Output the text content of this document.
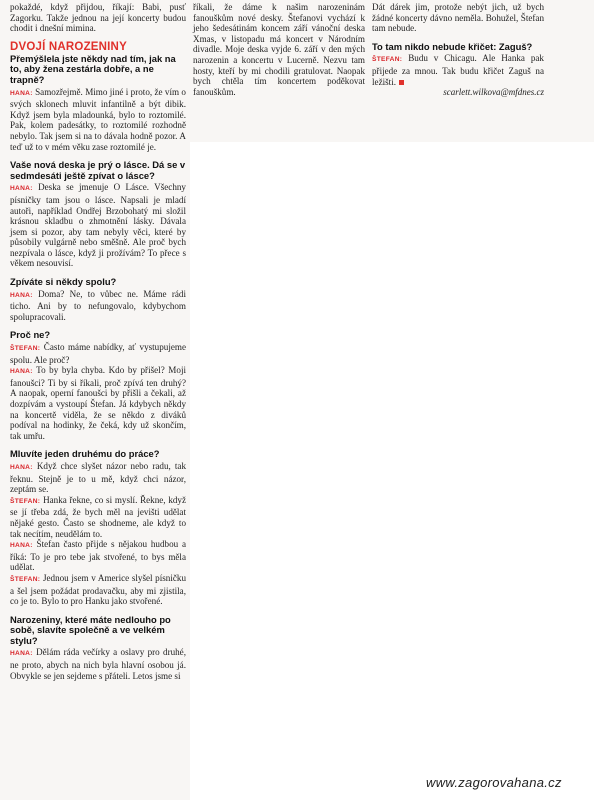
pokaždé, když přijdou, říkají: Babi, pusť Zagorku. Takže jednou na její koncerty budou chodit i dnešní mimina.

DVOJÍ NAROZENINY

Přemýšlela jste někdy nad tím, jak na to, aby žena zestárla dobře, a ne trapně?

HANA: Samozřejmě. Mimo jiné i proto, že vím o svých sklonech mluvit infantilně a být dibik. Když jsem byla mladounká, bylo to roztomilé. Pak, kolem padesátky, to roztomilé rozhodně nebylo. Tak jsem si na to dávala hodně pozor. A teď už to v mém věku zase roztomilé je.

Vaše nová deska je prý o lásce. Dá se v sedmdesáti ještě zpívat o lásce?

HANA: Deska se jmenuje O Lásce. Všechny písničky tam jsou o lásce. Napsali je mladí autoři, například Ondřej Brzobohatý mi složil krásnou skladbu o zhmotnění lásky. Dávala jsem si pozor, aby tam nebyly věci, které by působily vulgárně nebo směšně. Ale proč bych nezpívala o lásce, když ji prožívám? To přece s věkem nesouvisí.

Zpíváte si někdy spolu?

HANA: Doma? Ne, to vůbec ne. Máme rádi ticho. Ani by to nefungovalo, kdybychom spolupracovali.

Proč ne?

ŠTEFAN: Často máme nabídky, ať vystupujeme spolu. Ale proč?

HANA: To by byla chyba. Kdo by přišel? Moji fanoušci? Ti by si říkali, proč zpívá ten druhý? A naopak, operní fanoušci by přišli a čekali, až dozpívám a vystoupí Štefan. Já kdybych někdy na koncertě viděla, že se někdo z diváků podíval na hodinky, že čeká, kdy už skončím, tak umřu.

Mluvíte jeden druhému do práce?

HANA: Když chce slyšet názor nebo radu, tak řeknu. Stejně je to u mě, když chci názor, zeptám se.

ŠTEFAN: Hanka řekne, co si myslí. Řekne, když se jí třeba zdá, že bych měl na jevišti udělat nějaké gesto. Často se shodneme, ale když to tak necítím, neudělám to.

HANA: Štefan často přijde s nějakou hudbou a říká: To je pro tebe jak stvořené, to bys měla udělat.

ŠTEFAN: Jednou jsem v Americe slyšel písničku a šel jsem požádat prodavačku, aby mi zjistila, co je to. Bylo to pro Hanku jako stvořené.

Narozeniny, které máte nedlouho po sobě, slavíte společně a ve velkém stylu?

HANA: Dělám ráda večírky a oslavy pro druhé, ne proto, abych na nich byla hlavní osobou já. Obvykle se jen sejdeme s přáteli. Letos jsme si

říkali, že dáme k našim narozeninám fanouškům nové desky. Štefanovi vychází k jeho šedesátinám koncem září vánoční deska Xmas, v listopadu má koncert v Národním divadle. Moje deska vyjde 6. září v den mých narozenin a koncertu v Lucerně. Nezvu tam hosty, kteří by mi chodili gratulovat. Naopak bych chtěla tím koncertem poděkovat fanouškům.

Dát dárek jim, protože nebýt jich, už bych žádné koncerty dávno neměla. Bohužel, Štefan tam nebude.

To tam nikdo nebude křičet: Zaguš?

ŠTEFAN: Budu v Chicagu. Ale Hanka pak přijede za mnou. Tak budu křičet Zaguš na ležišti.

scarlett.wilkova@mfdnes.cz

www.zagorovahana.cz
